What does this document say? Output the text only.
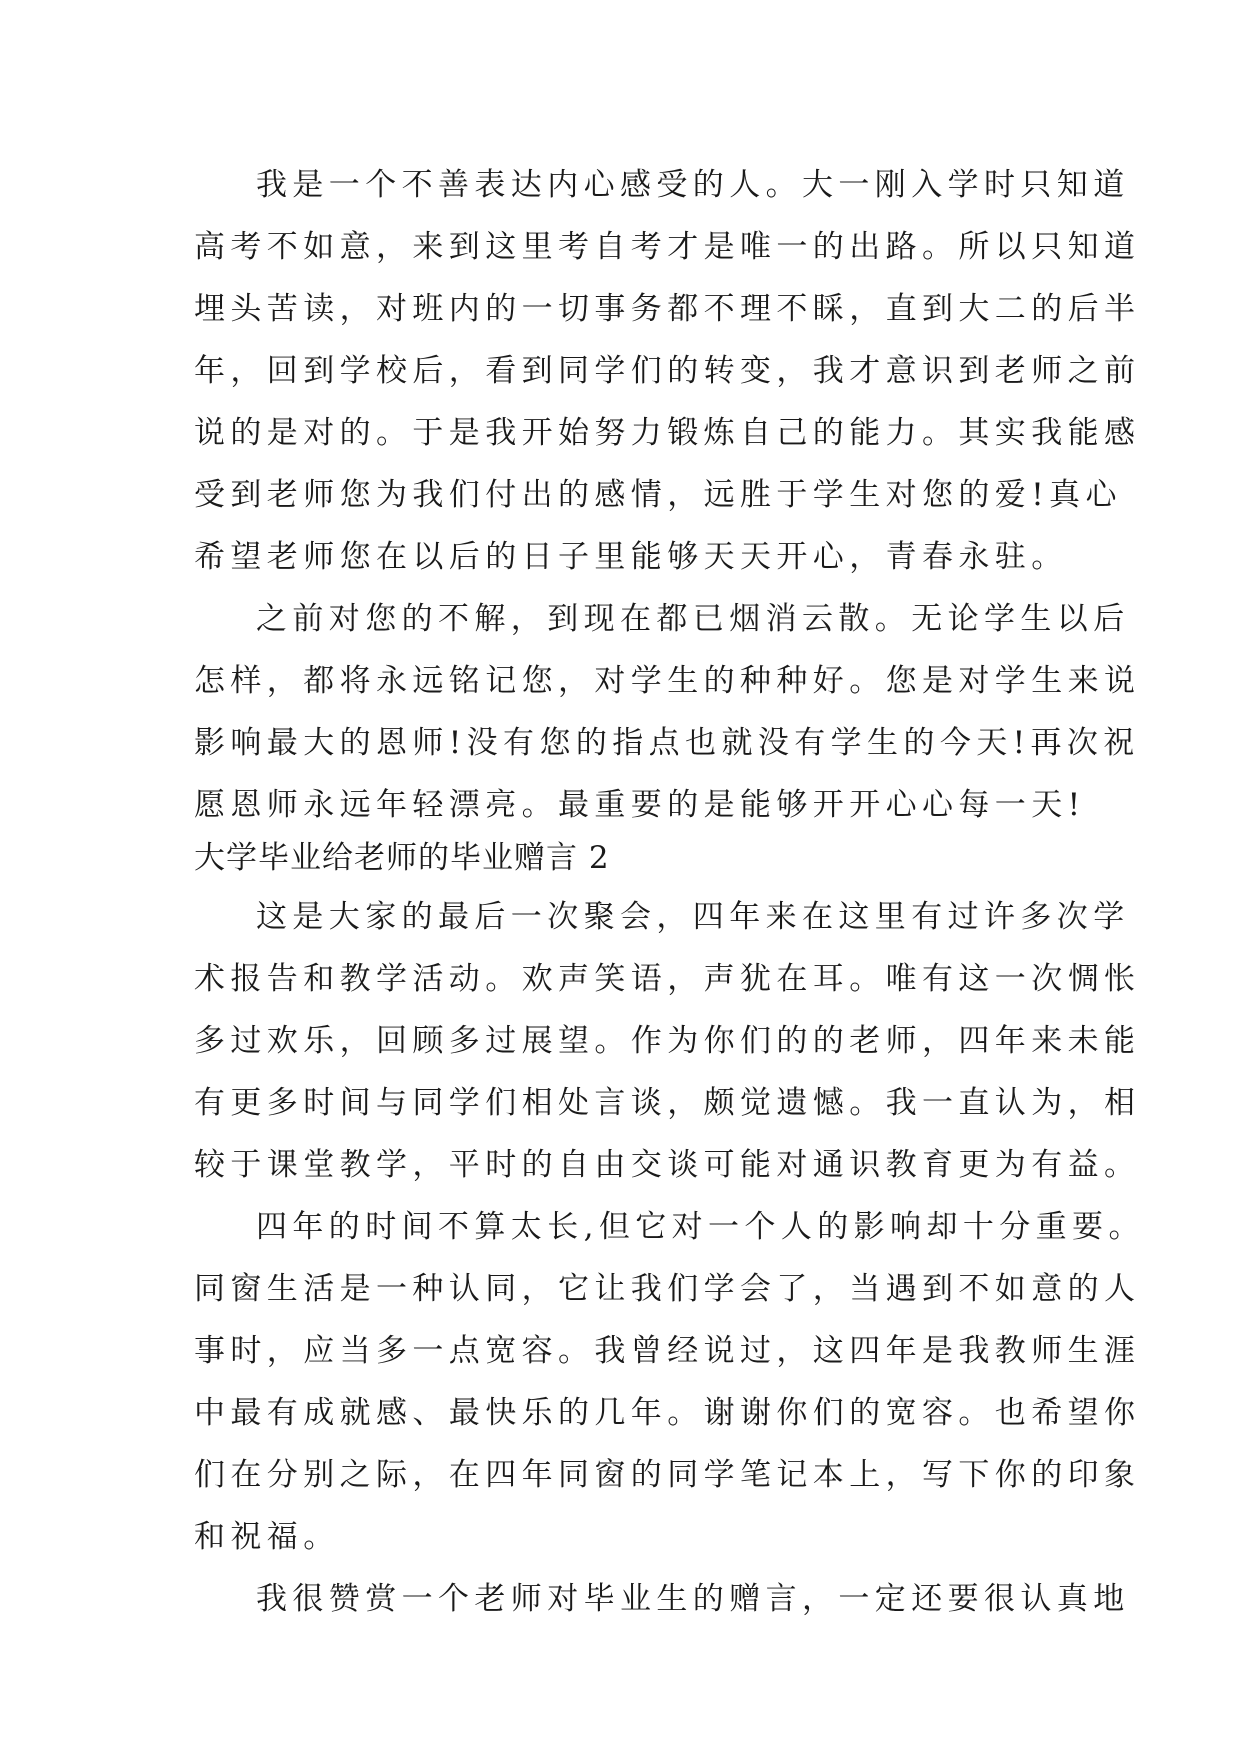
我是一个不善表达内心感受的人。大一刚入学时只知道
高考不如意，来到这里考自考才是唯一的出路。所以只知道
埋头苦读，对班内的一切事务都不理不睬，直到大二的后半
年，回到学校后，看到同学们的转变，我才意识到老师之前
说的是对的。于是我开始努力锻炼自己的能力。其实我能感
受到老师您为我们付出的感情，远胜于学生对您的爱!真心
希望老师您在以后的日子里能够天天开心，青春永驻。
之前对您的不解，到现在都已烟消云散。无论学生以后
怎样，都将永远铭记您，对学生的种种好。您是对学生来说
影响最大的恩师!没有您的指点也就没有学生的今天!再次祝
愿恩师永远年轻漂亮。最重要的是能够开开心心每一天!
大学毕业给老师的毕业赠言 2
这是大家的最后一次聚会，四年来在这里有过许多次学
术报告和教学活动。欢声笑语，声犹在耳。唯有这一次惆怅
多过欢乐，回顾多过展望。作为你们的的老师，四年来未能
有更多时间与同学们相处言谈，颇觉遗憾。我一直认为，相
较于课堂教学，平时的自由交谈可能对通识教育更为有益。
四年的时间不算太长,但它对一个人的影响却十分重要。
同窗生活是一种认同，它让我们学会了，当遇到不如意的人
事时，应当多一点宽容。我曾经说过，这四年是我教师生涯
中最有成就感、最快乐的几年。谢谢你们的宽容。也希望你
们在分别之际，在四年同窗的同学笔记本上，写下你的印象
和祝福。
我很赞赏一个老师对毕业生的赠言，一定还要很认真地
